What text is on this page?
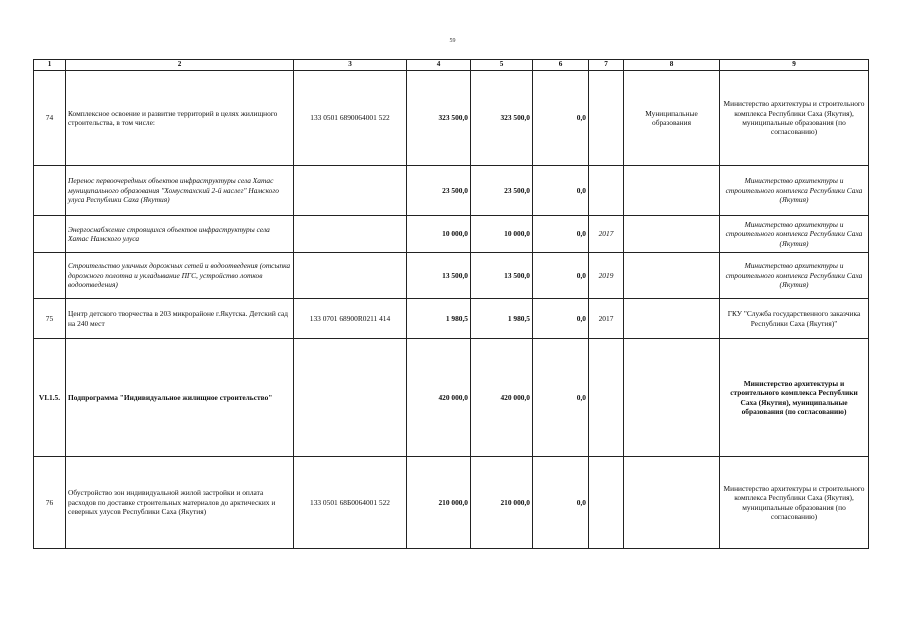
59
1	2	3	4	5	6	7	8	9
74	Комплексное освоение и развитие территорий в целях жилищного строительства, в том числе:	133 0501 6890064001 522	323 500,0	323 500,0	0,0		Муниципальные образования	Министерство архитектуры и строительного комплекса Республики Саха (Якутия), муниципальные образования (по согласованию)
	Перенос первоочередных объектов инфраструктуры села Хатас муниципального образования "Хомустахский 2-й наслег" Намского улуса Республики Саха (Якутия)		23 500,0	23 500,0	0,0			Министерство архитектуры и строительного комплекса Республики Саха (Якутия)
	Энергоснабжение строящихся объектов инфраструктуры села Хатас Намского улуса		10 000,0	10 000,0	0,0	2017		Министерство архитектуры и строительного комплекса Республики Саха (Якутия)
	Строительство уличных дорожных сетей и водоотведения (отсыпка дорожного полотна и укладывание ПГС, устройство лотков водоотведения)		13 500,0	13 500,0	0,0	2019		Министерство архитектуры и строительного комплекса Республики Саха (Якутия)
75	Центр детского творчества в 203 микрорайоне г.Якутска. Детский сад на 240 мест	133 0701 68900R0211 414	1 980,5	1 980,5	0,0	2017		ГКУ "Служба государственного заказчика Республики Саха (Якутия)"
VI.1.5.	Подпрограмма "Индивидуальное жилищное строительство"		420 000,0	420 000,0	0,0			Министерство архитектуры и строительного комплекса Республики Саха (Якутия), муниципальные образования (по согласованию)
76	Обустройство зон индивидуальной жилой застройки и оплата расходов по доставке строительных материалов до арктических и северных улусов Республики Саха (Якутия)	133 0501 68Б0064001 522	210 000,0	210 000,0	0,0			Министерство архитектуры и строительного комплекса Республики Саха (Якутия), муниципальные образования (по согласованию)
